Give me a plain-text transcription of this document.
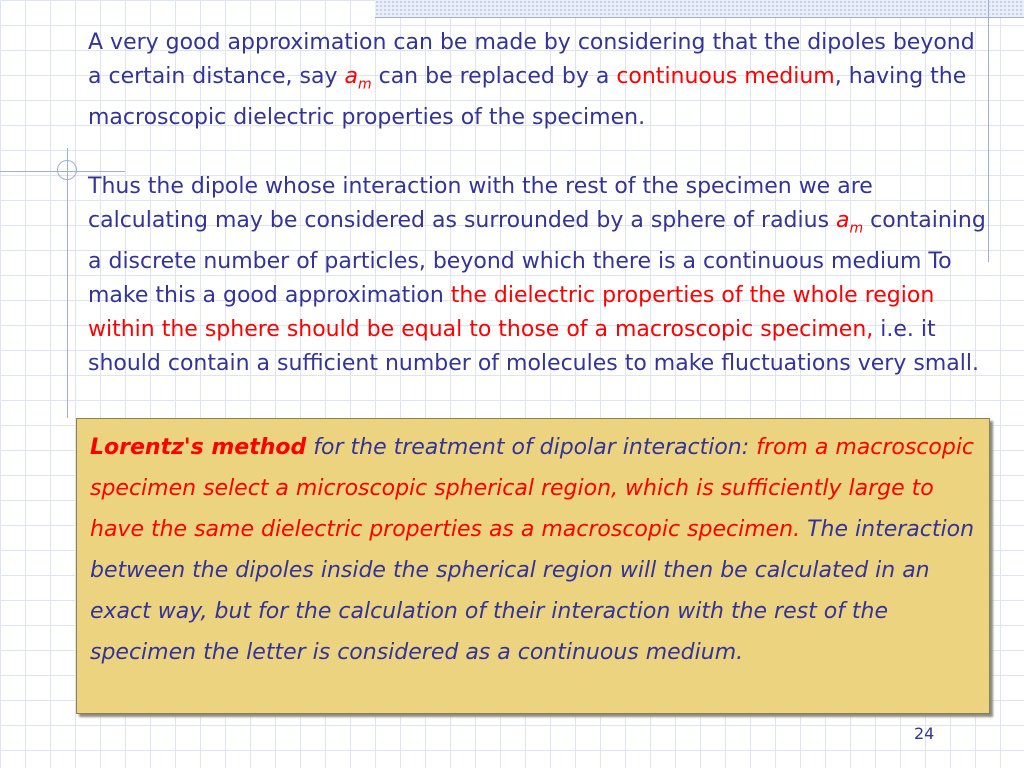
A very good approximation can be made by considering that the dipoles beyond a certain distance, say $a_m$ can be replaced by a continuous medium, having the macroscopic dielectric properties of the specimen.
Thus the dipole whose interaction with the rest of the specimen we are calculating may be considered as surrounded by a sphere of radius $a_m$ containing a discrete number of particles, beyond which there is a continuous medium To make this a good approximation the dielectric properties of the whole region within the sphere should be equal to those of a macroscopic specimen, i.e. it should contain a sufficient number of molecules to make fluctuations very small.
Lorentz's method for the treatment of dipolar interaction: from a macroscopic specimen select a microscopic spherical region, which is sufficiently large to have the same dielectric properties as a macroscopic specimen. The interaction between the dipoles inside the spherical region will then be calculated in an exact way, but for the calculation of their interaction with the rest of the specimen the letter is considered as a continuous medium.
24
